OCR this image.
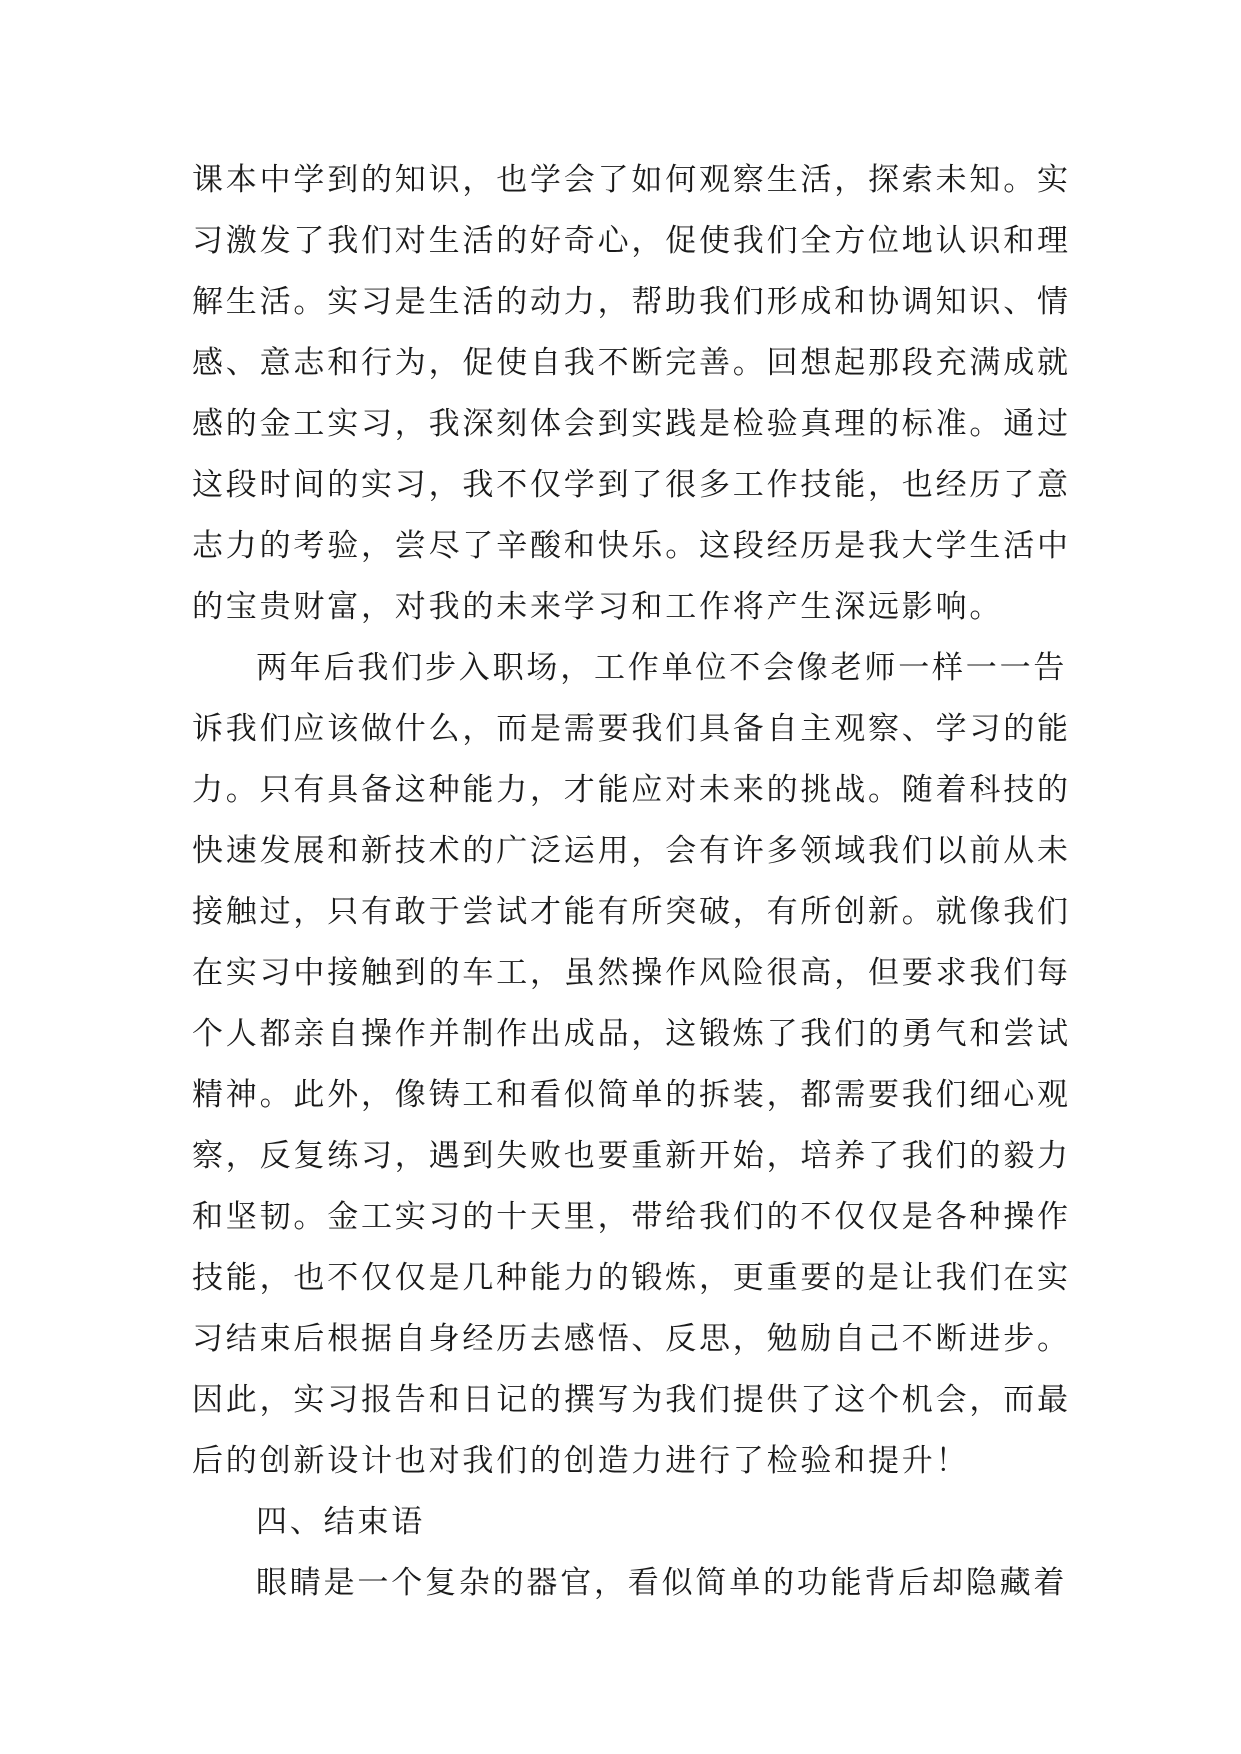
课本中学到的知识，也学会了如何观察生活，探索未知。实
习激发了我们对生活的好奇心，促使我们全方位地认识和理
解生活。实习是生活的动力，帮助我们形成和协调知识、情
感、意志和行为，促使自我不断完善。回想起那段充满成就
感的金工实习，我深刻体会到实践是检验真理的标准。通过
这段时间的实习，我不仅学到了很多工作技能，也经历了意
志力的考验，尝尽了辛酸和快乐。这段经历是我大学生活中
的宝贵财富，对我的未来学习和工作将产生深远影响。
两年后我们步入职场，工作单位不会像老师一样一一告
诉我们应该做什么，而是需要我们具备自主观察、学习的能
力。只有具备这种能力，才能应对未来的挑战。随着科技的
快速发展和新技术的广泛运用，会有许多领域我们以前从未
接触过，只有敢于尝试才能有所突破，有所创新。就像我们
在实习中接触到的车工，虽然操作风险很高，但要求我们每
个人都亲自操作并制作出成品，这锻炼了我们的勇气和尝试
精神。此外，像铸工和看似简单的拆装，都需要我们细心观
察，反复练习，遇到失败也要重新开始，培养了我们的毅力
和坚韧。金工实习的十天里，带给我们的不仅仅是各种操作
技能，也不仅仅是几种能力的锻炼，更重要的是让我们在实
习结束后根据自身经历去感悟、反思，勉励自己不断进步。
因此，实习报告和日记的撰写为我们提供了这个机会，而最
后的创新设计也对我们的创造力进行了检验和提升！
四、结束语
眼睛是一个复杂的器官，看似简单的功能背后却隐藏着
